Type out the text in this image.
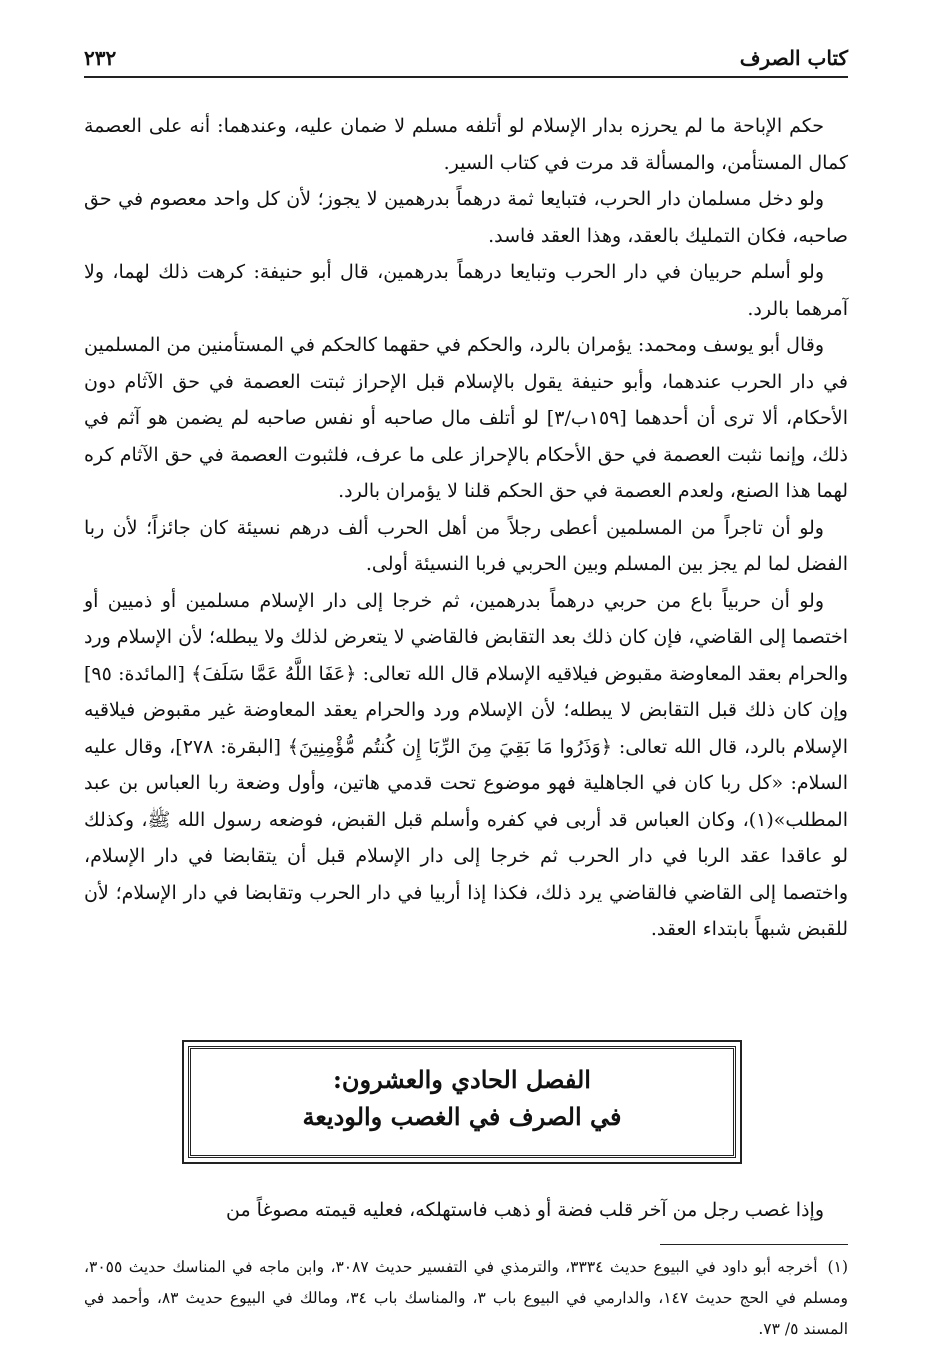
كتاب الصرف
٢٣٢

حكم الإباحة ما لم يحرزه بدار الإسلام لو أتلفه مسلم لا ضمان عليه، وعندهما: أنه على العصمة كمال المستأمن، والمسألة قد مرت في كتاب السير.

ولو دخل مسلمان دار الحرب، فتبايعا ثمة درهماً بدرهمين لا يجوز؛ لأن كل واحد معصوم في حق صاحبه، فكان التمليك بالعقد، وهذا العقد فاسد.

ولو أسلم حربيان في دار الحرب وتبايعا درهماً بدرهمين، قال أبو حنيفة: كرهت ذلك لهما، ولا آمرهما بالرد.

وقال أبو يوسف ومحمد: يؤمران بالرد، والحكم في حقهما كالحكم في المستأمنين من المسلمين في دار الحرب عندهما، وأبو حنيفة يقول بالإسلام قبل الإحراز ثبتت العصمة في حق الآثام دون الأحكام، ألا ترى أن أحدهما [١٥٩ب/٣] لو أتلف مال صاحبه أو نفس صاحبه لم يضمن هو آثم في ذلك، وإنما نثبت العصمة في حق الأحكام بالإحراز على ما عرف، فلثبوت العصمة في حق الآثام كره لهما هذا الصنع، ولعدم العصمة في حق الحكم قلنا لا يؤمران بالرد.

ولو أن تاجراً من المسلمين أعطى رجلاً من أهل الحرب ألف درهم نسيئة كان جائزاً؛ لأن ربا الفضل لما لم يجز بين المسلم وبين الحربي فربا النسيئة أولى.

ولو أن حربياً باع من حربي درهماً بدرهمين، ثم خرجا إلى دار الإسلام مسلمين أو ذميين أو اختصما إلى القاضي، فإن كان ذلك بعد التقابض فالقاضي لا يتعرض لذلك ولا يبطله؛ لأن الإسلام ورد والحرام بعقد المعاوضة مقبوض فيلاقيه الإسلام قال الله تعالى: ﴿عَفَا اللَّهُ عَمَّا سَلَفَ﴾ [المائدة: ٩٥] وإن كان ذلك قبل التقابض لا يبطله؛ لأن الإسلام ورد والحرام يعقد المعاوضة غير مقبوض فيلاقيه الإسلام بالرد، قال الله تعالى: ﴿وَذَرُوا مَا بَقِيَ مِنَ الرِّبَا إِن كُنتُم مُّؤْمِنِينَ﴾ [البقرة: ٢٧٨]، وقال عليه السلام: «كل ربا كان في الجاهلية فهو موضوع تحت قدمي هاتين، وأول وضعة ربا العباس بن عبد المطلب»(١)، وكان العباس قد أربى في كفره وأسلم قبل القبض، فوضعه رسول الله ﷺ، وكذلك لو عاقدا عقد الربا في دار الحرب ثم خرجا إلى دار الإسلام قبل أن يتقابضا في دار الإسلام، واختصما إلى القاضي فالقاضي يرد ذلك، فكذا إذا أربيا في دار الحرب وتقابضا في دار الإسلام؛ لأن للقبض شبهاً بابتداء العقد.

الفصل الحادي والعشرون:
في الصرف في الغصب والوديعة

وإذا غصب رجل من آخر قلب فضة أو ذهب فاستهلكه، فعليه قيمته مصوغاً من

(١)أخرجه أبو داود في البيوع حديث ٣٣٣٤، والترمذي في التفسير حديث ٣٠٨٧، وابن ماجه في المناسك حديث ٣٠٥٥، ومسلم في الحج حديث ١٤٧، والدارمي في البيوع باب ٣، والمناسك باب ٣٤، ومالك في البيوع حديث ٨٣، وأحمد في المسند ٥/ ٧٣.
